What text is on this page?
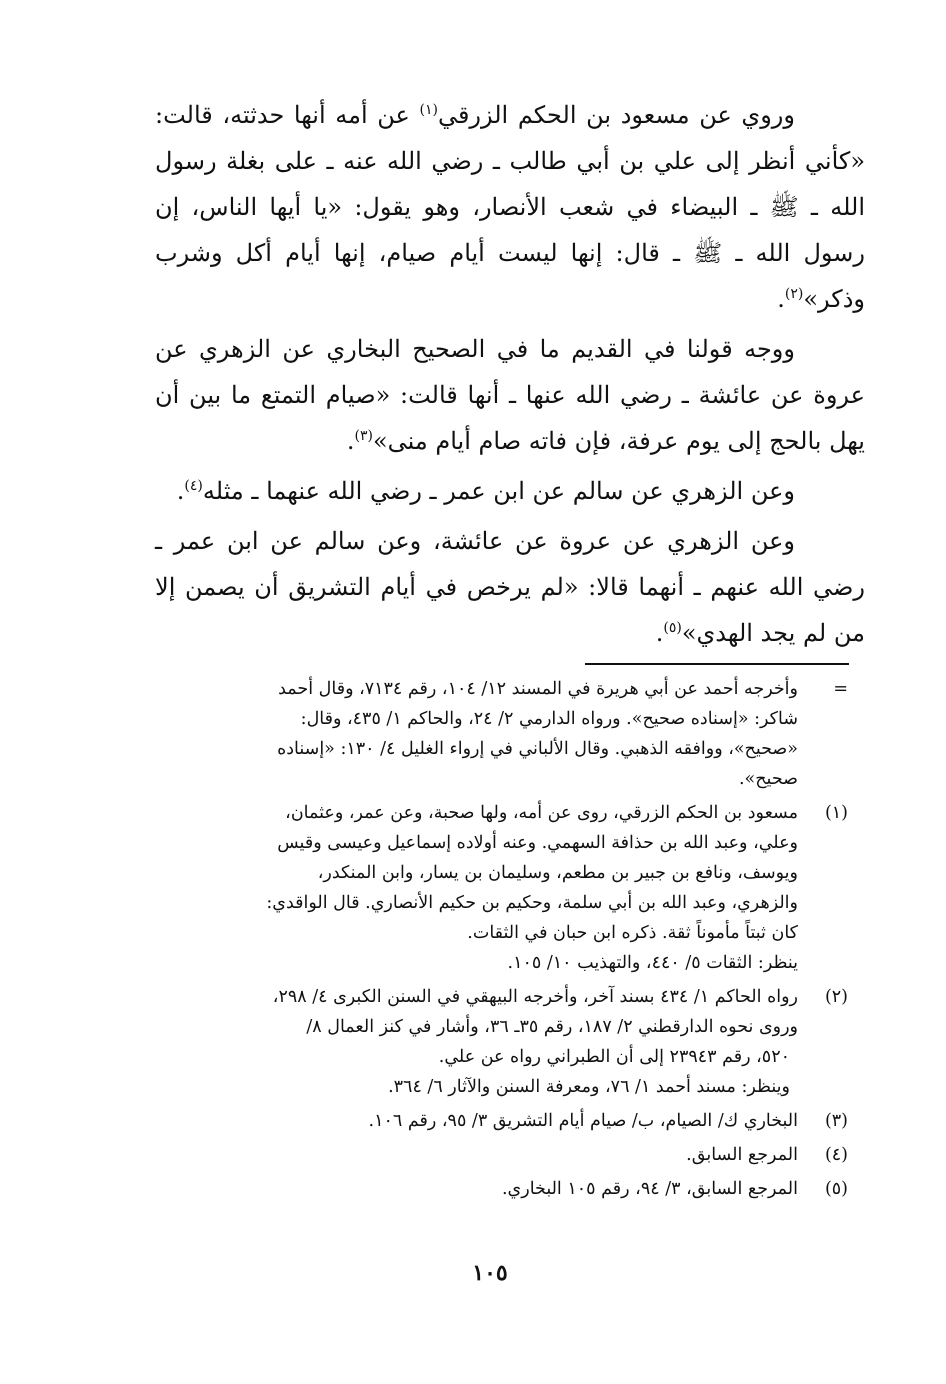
وروي عن مسعود بن الحكم الزرقي$^{(١)}$ عن أمه أنها حدثته، قالت: «كأني أنظر إلى علي بن أبي طالب ـ رضي الله عنه ـ على بغلة رسول الله ـ ﷺ ـ البيضاء في شعب الأنصار، وهو يقول: «يا أيها الناس، إن رسول الله ـ ﷺ ـ قال: إنها ليست أيام صيام، إنها أيام أكل وشرب وذكر»$^{(٢)}$.

ووجه قولنا في القديم ما في الصحيح البخاري عن الزهري عن عروة عن عائشة ـ رضي الله عنها ـ أنها قالت: «صيام التمتع ما بين أن يهل بالحج إلى يوم عرفة، فإن فاته صام أيام منى»$^{(٣)}$.

وعن الزهري عن سالم عن ابن عمر ـ رضي الله عنهما ـ مثله$^{(٤)}$.

وعن الزهري عن عروة عن عائشة، وعن سالم عن ابن عمر ـ رضي الله عنهم ـ أنهما قالا: «لم يرخص في أيام التشريق أن يصمن إلا من لم يجد الهدي»$^{(٥)}$.

=
وأخرجه أحمد عن أبي هريرة في المسند ١٢/ ١٠٤، رقم ٧١٣٤، وقال أحمد
شاكر: «إسناده صحيح». ورواه الدارمي ٢/ ٢٤، والحاكم ١/ ٤٣٥، وقال:
«صحيح»، ووافقه الذهبي. وقال الألباني في إرواء الغليل ٤/ ١٣٠: «إسناده
صحيح».
(١)
مسعود بن الحكم الزرقي، روى عن أمه، ولها صحبة، وعن عمر، وعثمان،
وعلي، وعبد الله بن حذافة السهمي. وعنه أولاده إسماعيل وعيسى وقيس
ويوسف، ونافع بن جبير بن مطعم، وسليمان بن يسار، وابن المنكدر،
والزهري، وعبد الله بن أبي سلمة، وحكيم بن حكيم الأنصاري. قال الواقدي:
كان ثبتاً مأموناً ثقة. ذكره ابن حبان في الثقات.
ينظر: الثقات ٥/ ٤٤٠، والتهذيب ١٠/ ١٠٥.
(٢)
رواه الحاكم ١/ ٤٣٤ بسند آخر، وأخرجه البيهقي في السنن الكبرى ٤/ ٢٩٨،
وروى نحوه الدارقطني ٢/ ١٨٧، رقم ٣٥ـ ٣٦، وأشار في كنز العمال ٨/
٥٢٠، رقم ٢٣٩٤٣ إلى أن الطبراني رواه عن علي.
وينظر: مسند أحمد ١/ ٧٦، ومعرفة السنن والآثار ٦/ ٣٦٤.
(٣)
البخاري ك/ الصيام، ب/ صيام أيام التشريق ٣/ ٩٥، رقم ١٠٦.
(٤)
المرجع السابق.
(٥)
المرجع السابق، ٣/ ٩٤، رقم ١٠٥ البخاري.
١٠٥
